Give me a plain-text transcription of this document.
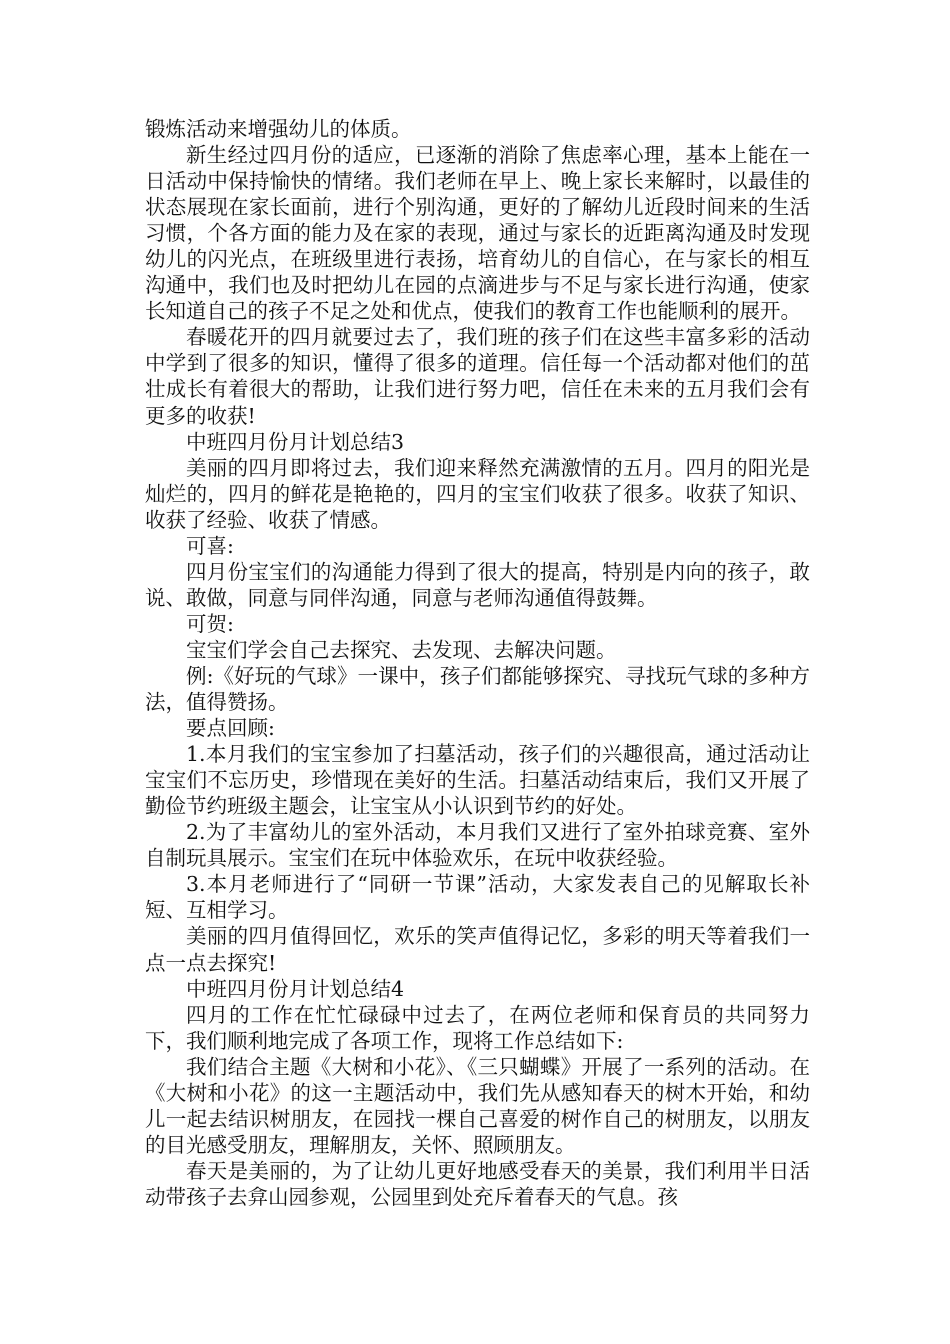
锻炼活动来增强幼儿的体质。

新生经过四月份的适应，已逐渐的消除了焦虑率心理，基本上能在一日活动中保持愉快的情绪。我们老师在早上、晚上家长来解时，以最佳的状态展现在家长面前，进行个别沟通，更好的了解幼儿近段时间来的生活习惯，个各方面的能力及在家的表现，通过与家长的近距离沟通及时发现幼儿的闪光点，在班级里进行表扬，培育幼儿的自信心，在与家长的相互沟通中，我们也及时把幼儿在园的点滴进步与不足与家长进行沟通，使家长知道自己的孩子不足之处和优点，使我们的教育工作也能顺利的展开。

春暖花开的四月就要过去了，我们班的孩子们在这些丰富多彩的活动中学到了很多的知识，懂得了很多的道理。信任每一个活动都对他们的茁壮成长有着很大的帮助，让我们进行努力吧，信任在未来的五月我们会有更多的收获!

中班四月份月计划总结3

美丽的四月即将过去，我们迎来释然充满激情的五月。四月的阳光是灿烂的，四月的鲜花是艳艳的，四月的宝宝们收获了很多。收获了知识、收获了经验、收获了情感。

可喜:

四月份宝宝们的沟通能力得到了很大的提高，特别是内向的孩子，敢说、敢做，同意与同伴沟通，同意与老师沟通值得鼓舞。

可贺:

宝宝们学会自己去探究、去发现、去解决问题。

例:《好玩的气球》一课中，孩子们都能够探究、寻找玩气球的多种方法，值得赞扬。

要点回顾:

1.本月我们的宝宝参加了扫墓活动，孩子们的兴趣很高，通过活动让宝宝们不忘历史，珍惜现在美好的生活。扫墓活动结束后，我们又开展了勤俭节约班级主题会，让宝宝从小认识到节约的好处。

2.为了丰富幼儿的室外活动，本月我们又进行了室外拍球竞赛、室外自制玩具展示。宝宝们在玩中体验欢乐，在玩中收获经验。

3.本月老师进行了“同研一节课”活动，大家发表自己的见解取长补短、互相学习。

美丽的四月值得回忆，欢乐的笑声值得记忆，多彩的明天等着我们一点一点去探究!

中班四月份月计划总结4

四月的工作在忙忙碌碌中过去了，在两位老师和保育员的共同努力下，我们顺利地完成了各项工作，现将工作总结如下:

我们结合主题《大树和小花》、《三只蝴蝶》开展了一系列的活动。在《大树和小花》的这一主题活动中，我们先从感知春天的树木开始，和幼儿一起去结识树朋友，在园找一棵自己喜爱的树作自己的树朋友，以朋友的目光感受朋友，理解朋友，关怀、照顾朋友。

春天是美丽的，为了让幼儿更好地感受春天的美景，我们利用半日活动带孩子去弇山园参观，公园里到处充斥着春天的气息。孩
